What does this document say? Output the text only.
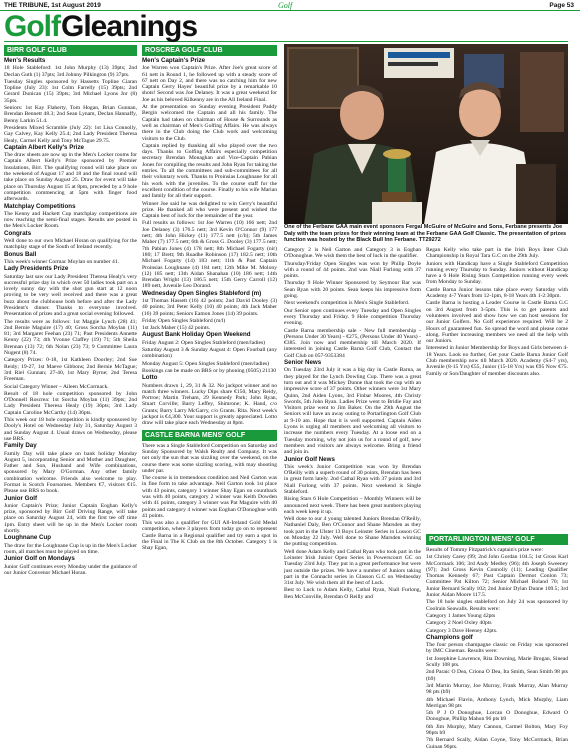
THE TRIBUNE, 1st August 2019	Golf	Page 53
Golf Gleanings
BIRR GOLF CLUB
Men's Results

18 Hole Stableford: 1st John Murphy (13) 39pts; 2nd Declan Guth (1) 37pts; 3rd Johnny Pilkington (9) 37pts.

Tuesday Singles sponsored by Hassetts Topline Ciaran Topline (July 23): 1st Colm Farrelly (15) 39pts; 2nd Gerard Dunican (15) 39pts; 3rd Michael Lyons Jnr (8) 35pts.

Seniors: 1st Kay Flaherty, Tom Hogan, Brian Gunnan, Brendan Bennett 48.3; 2nd Sean Lynam, Declan Hannaffy, Benny Larkin 51.4.

Presidents Mixed Scramble (July 22): 1st Lisa Connolly, Gay Calvey, Kay Kelly 25.4; 2nd Lady President Theresa Healy, Carmel Kelly and Tony McTague 29.75.

Captain Albert Kelly's Prize

The draw sheets are now up in the Men's Locker rooms for Captain Albert Kelly's Prize sponsored by Premier Insulations, Birr. The qualifying round will take place on the weekend of August 17 and 18 and the final round will take place on Sunday August 25. Draw for event will take place on Thursday August 15 at 8pm, preceded by a 9 hole competition commencing at 5pm with finger food afterwards.

Matchplay Competitions

The Kenny and Hackett Cup matchplay competitions are now reaching the semi-final stages. Results are posted in the Men's Locker Room.

Congrats

Well done to our own Michael Horan on qualifying for the matchplay stage of the South of Ireland recently.

Bonus Ball

This week's winner Cormac Moylan on number 41.

Lady Presidents Prize

Saturday last saw our Lady President Theresa Healy's very successful prize day in which over 50 ladies took part on a lovely sunny day with the shot gun start at 12 noon proving to be very well received and there was a great buzz about the clubhouse both before and after the Lady President's dinner. Thanks to everyone involved. Presentation of prizes and a great social evening followed.

The results were as follows: 1st Maggie Lynch (28) 41; 2nd Bernie Maguire (17) 40; Gross Sorcha Moylan (11) 81; 3rd Margaret Feehan (23) 71; Past Presidents Annette Kenny (22) 73; 4th Yvonne Claffey (19) 71; 5th Sheila Brennan (13) 72; 6th Nolan (23) 73; 9 Committee Laura Nugent (8) 74.

Category Prizes: 0-18, 1st Kathleen Doorley; 2nd Sue Reidy; 19-27, 1st Maeve Gibbons; 2nd Bernie McTague; 3rd Riel Gunnan; 27-40, 1st Mary Byrne; 2nd Teresa Freeman.

Social Category Winner – Aileen McCormack.

Result of 18 hole competition sponsored by John O'Donnell Roscrea: 1st Sorcha Moylan (11) 39pts; 2nd Lady President Theresa Healy (19) 36pts; 3rd Lady Captain Caroline McCarthy (14) 36pts.

This week our 18 hole competition is kindly sponsored by Dooly's Hotel on Wednesday July 31, Saturday August 3 and Sunday August 4. Usual draws on Wednesday, please use BRS.

Family Day

Family Day will take place on bank holiday Monday August 5, incorporating Senior and Mother and Daughter, Father and Son, Husband and Wife combinations, sponsored by Mary O'Gorman. Any other family combination welcome. Friends also welcome to play. Format is Scotch Foursomes. Members €7, visitors €15. Please use BRS to book.

Junior Golf

Junior Captain's Prize; Junior Captain Eoghan Kelly's prize, sponsored by Birr Golf Driving Range, will take place on Saturday August 24, with the first tee off time 1pm. Entry sheet will be up in the Men's Locker room shortly.

Loughnane Cup

The draw for the Loughnane Cup is up in the Men's Locker room, all matches must be played on time.

Junior Golf on Mondays

Junior Golf continues every Monday under the guidance of our Junior Convenor Michael Horan.

ROSCREA GOLF CLUB
Men's Captain's Prize

Joe Warren won Captain's Prize. After Joe's great score of 61 nett in Round 1, he followed up with a steady score of 67 nett on Day 2, and there was no catching him for new Captain Gerry Hayes' beautiful prize by a remarkable 10 shots! Second was Joe Delaney. It was a great weekend for Joe as his beloved Kilkenny are in the All Ireland Final.

At the presentation on Sunday evening President Paddy Bergin welcomed the Captain and all his family. The Captain had taken on chairman of House & Surrounds as well as chairman of Men's Golfing Affairs. He was always there in the Club doing the Club work and welcoming visitors to the Club.

Captain replied by thanking all who played over the two days. Thanks to Golfing Affairs especially competition secretary Brendan Monaghan and Vice-Captain Pabian Jones for compiling the results and John Ryan for taking the entries. To all the committees and sub-committees for all their voluntary work. Thanks to Proinsias Loughnane for all his work with the juveniles. To the course staff for the excellent condition of the course. Finally to his wife Marian and family for all their support.

Winner Joe said he was delighted to win Gerry's beautiful prize. He thanked all who were present and wished the Captain best of luck for the remainder of the year.

Full results as follows: 1st Joe Warren (10) 166 nett; 2nd Joe Delaney (3) 176.5 nett; 3rd Kevin O'Connor (9) 177 nett; 4th John Hickey (11) 177.5 nett (c/b); 5th James Maher (7) 177.5 nett; 6th & Gross G. Dooley (3) 177.5 nett; 7th Pabian Jones (4) 178 nett; 8th Michael Fogarty (nir) 180; 17 Brett; 9th Ruadhe Robinson (17) 182.5 nett; 10th Michael Fogarty (14) 183 nett; 11th & Past Captain Proinsias Loughnane (4) 184 nett; 12th Mike M. Molony (12) 185 nett; 13th Aidan Shanahan (10) 186 nett; 14th Brendan Wright (13) 186.5 nett; 15th Gerry Carroll (12) 189 nett, Juvenile Leo Dorand.

Wednesday Open Singles Stableford (m)

1st Thomas Hassett (16) 42 points; 2nd David Dooley (3) 40 points; 3rd Peter Kelly (10) 40 points; 4th Jack Maher (16) 39 points; Seniors Eamon Jones (14) 39 points.

Friday Open Singles Stableford (m/l)

1st Jack Maher (15) 42 points.

August Bank Holiday Open Weekend

Friday August 2: Open Singles Stableford (men/ladies)

Saturday August 3 & Sunday August 4: Open Fourball (any combination)

Monday August 5: Open Singles Stableford (men/ladies)

Bookings can be made on BRS or by phoning (0505) 21130

Lotto

Numbers drawn 1, 29, 31 & 32. No jackpot winner and no match three winners. Lucky Dips share €150, Mary Reidy, Portroe; Martin Treham, 29 Kennedy Park; John Ryan, Stuart Corville; Barry Leffey, Shimrone; K. Hand, c/o Grants; Barry Larry McGarry, c/o Grants. Rita. Next week's jackpot is €4,300. Your support is greatly appreciated. Lotto draw will take place each Wednesday at 8pm.

CASTLE BARNA MENS' GOLF

There was a Single Stableford Competition on Saturday and Sunday Sponsored by Walsh Realty and Company. It was not only the sun that was sizzling over the weekend, on the course there was some sizzling scoring, with may shooting under par.

The course is in tremendous condition and Neil Garton was in fine form to take advantage. Neil Garton took 1st place with 43 points, category 1 winner Shay Egan on countback was with 40 points, category 2 winner was Keith Dowden with 41 points, category 3 winner was Pat Maguire with 40 points and category 4 winner was Eoghan O'Donoghue with 41 points.

This was also a qualifier for GUI All-Ireland Gold Medal competition, where 3 players from today go on to represent Castle Barna in a Regional qualifier and try earn a spot in the Final in The K Club on the 8th October. Category 1 is Shay Egan,

One of the Ferbane GAA main event sponsors Fergal McGuire of McGuire and Sons, Ferbane presents Joe Daly with the team prizes for their winning team at the Ferbane GAA Golf Classic. The presentation of prizes function was hosted by the Black Bull Inn Ferbane. TT29272

Category 2 is Neil Garton and Category 3 is Eoghan O'Donoghue. We wish them the best of luck in the qualifier.

Thursday/Friday Open Singles was won by Philip Doyle with a round of 44 points. 2nd was Niall Furlong with 37 points.

Thursday 9 Hole Winner Sponsored by Seymour Bar was Sean Ryan with 20 points. Sean keeps his impressive form going.

Next weekend's competition is Men's Single Stableford.

Our Senior open continues every Tuesday and Open Singles every Thursday and Friday. 9 Hole competition Thursday evening.

Castle Barna membership sale - New full membership - (Persons Under 30 Years) - €275, (Persons Under 40 Years) - €385. Join now and membership till March 2020. If interested in joining Castle Barna Golf Club, Contact the Golf Club on 057-9353384

Senior News

On Tuesday 23rd July it was a big day in Castle Barna, as they played for the Lynch Dowling Cup. There was a great turn out and it was Mickey Dunne that took the cup with an impressive score of 37 points. Other winners were 1st Mary Quinn, 2nd Aiden Lyons, 3rd Finbar Moores, 4th Christy Swords, 5th John Ryan. Ladies Prize went to Bridie Fay and Visitors prize went to Jim Baker. On the 29th August the Seniors will have an away outing to Portarlington Golf Club at 9-10 am. Hope that it is well supported. Captain Aiden Lyons is urging all members and welcoming all visitors to increase the numbers every Tuesday. At a loose end on a Tuesday morning, why not join us for a round of golf, new members and visitors are always welcome. Bring a friend and join in.

Junior Golf News

This week's Junior Competition was won by Brendan O'Reilly with a superb round of 30 points, Brendan has been in great form lately. 2nd Cathal Ryan with 37 points and 3rd Niall Furlong with 37 points. Next weekend is Single Stableford.

Rising Stars 6 Hole Competition – Monthly Winners will be announced next week. There has been great numbers playing each week keep it up.

Well done to our 4 young talented Juniors Brendan O'Reilly, Nathaniel Daly, Ben O'Connor and Shane Marsden as they took part in the Ulster 13 Boys Leinster Series in Lusson GC on Monday 22 July. Well done to Shane Marsden winning the putting competition.

Well done Adam Kelly and Cathal Ryan who took part in the Leinster Irish Junior Open Series in Powerscourt GC on Tuesday 23rd July. They put in a great performance but were just outside the prizes. We have a number of Juniors taking part in the Connacht series in Glasson G.C on Wednesday 31st July. We wish them all the best of Luck.

Best to Luck to Adam Kelly, Cathal Ryan, Niall Furlong, Ben McConville, Brendan O Reilly and

Regan Kelly who take part in the Irish Boys Inter Club Championship in Royal Tara G.C on the 29th July.

Juniors with Handicap have a Single Stableford Competition running every Thursday to Sunday. Juniors without Handicap have a 6 Hole Rising Stars Competition running every week from Monday to Sunday.

Castle Barna Junior lessons take place every Saturday with Academy 4-7 Years from 12-1pm, 8-18 Years 4th 1-2:30pm.

Castle Barna is hosting a Leader Course in Castle Barna G.C on 3rd August from 3-5pm. This is to get parents and volunteers involved and show how we can host sessions for our Junior Golfers. No Golf experience required. Will be 2 Hours of guaranteed fun. So spread the word and please come along. Further increasing members we need all the help with our Juniors.

Interested in Junior Membership for Boys and Girls between 4-18 Years. Look no further, Get your Castle Barna Junior Golf Club membership now till March 2020. Academy (S4-7 yrs), Juvenile (8-15 Yrs) €55, Junior (15-18 Yrs) was €95 Now €75. Family or Son/Daughter of member discounts also.

PORTARLINGTON MENS' GOLF

Results of Tommy Fitzpatrick's captain's prize were:

1st Christy Carey (99; 2nd John Gordan 104.5; 1st Gross Karl McCormack 106; 3rd Andy Medley (96); 4th Joseph Sweeney (97); 2nd Gross Kevin Connolly (11); Leading Qualifier Thomas Kennedy 67; Past Captain Dermot Conlon 73; Committee Pat Kilton 72; Senior Michael Boland 70; 1st Junior Bernard Scally 102; 2nd Junior Dylan Dunne 109.5; 3rd Junior Aidan Moore 117.5.

The 18 hole singles stableford on July 24 was sponsored by Coolrain Seawalls. Results were:

Category 1 James Young 42pts

Category 2 Noel Oxley 40pts

Category 3 Dave Heeney 42pts.

Champions golf

The four person champagne classic on Friday was sponsored by IMC Cinemas. Results were:

1st Josephine Lawrence, Rita Downing, Marie Brogan, Sinead Scully 108 pts.

2nd Paraic O Dea, Criona O Dea, Ita Smith, Sean Smith 98 pts (b9)

3rd Martin Murray, Joe Murray, Frank Murray, Alan Murray 98 pts (b9)

4th Michael Flavin, Anthony Lynch, Mick Murphy, Liam Merrigan 98 pts

5th P J O Donoghue, Lorcan O Donoghue, Edward O Donoghue, Phillip Mahon 96 pts b9

6th Jim Murphy, Mary Cannon, Carmel Bolton, Mary Foy 96pts b9

7th Bernard Scally, Aidan Coyne, Tony McCormack, Brian Guinan 96pts.
